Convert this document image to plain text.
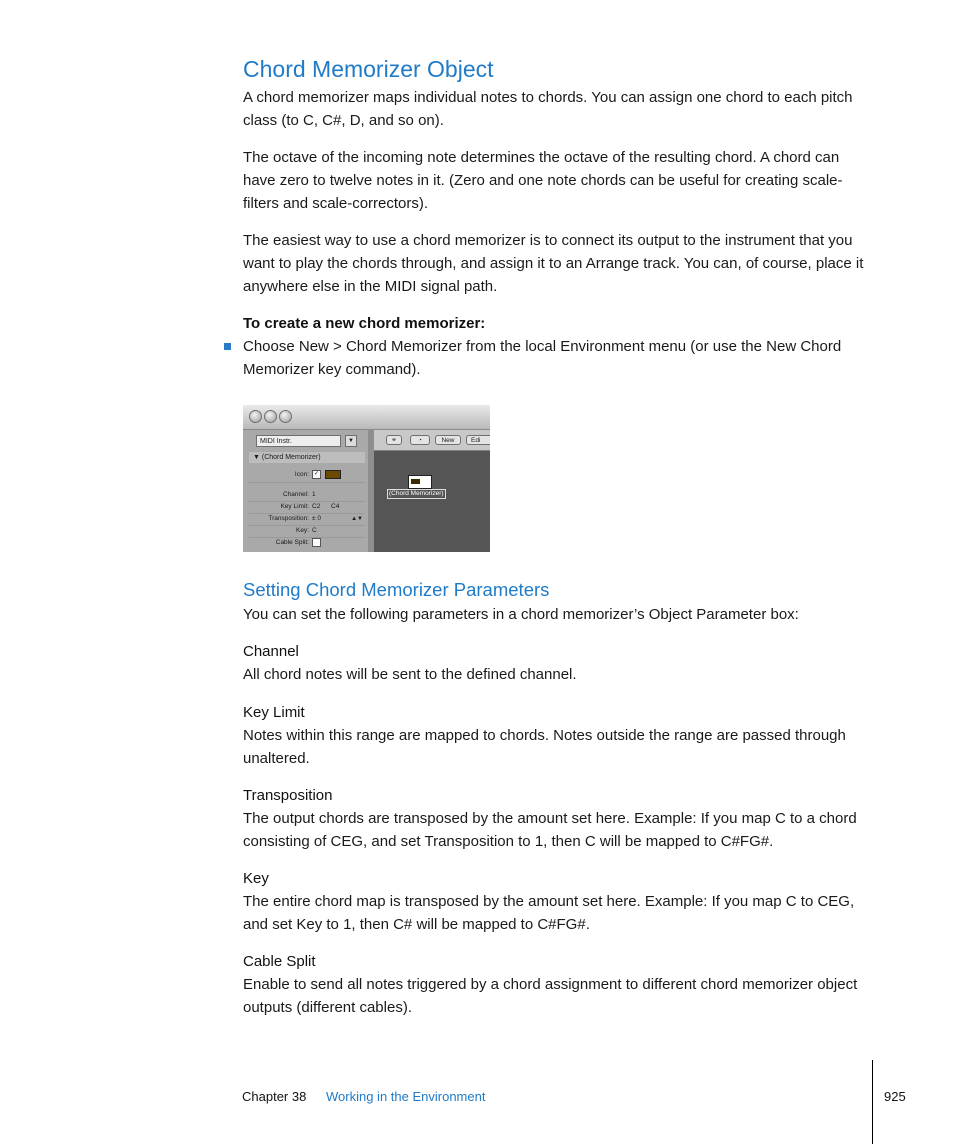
Chord Memorizer Object
A chord memorizer maps individual notes to chords. You can assign one chord to each pitch class (to C, C#, D, and so on).
The octave of the incoming note determines the octave of the resulting chord. A chord can have zero to twelve notes in it. (Zero and one note chords can be useful for creating scale-filters and scale-correctors).
The easiest way to use a chord memorizer is to connect its output to the instrument that you want to play the chords through, and assign it to an Arrange track. You can, of course, place it anywhere else in the MIDI signal path.
To create a new chord memorizer:
Choose New > Chord Memorizer from the local Environment menu (or use the New Chord Memorizer key command).
MIDI Instr.	▼
▼ (Chord Memorizer)
Icon: ✓
Channel: 1
Key Limit: C2 C4
Transposition: ± 0	▲▼
Key: C
Cable Split:
⚭	◔	New	Edi
(Chord Memorizer)
Setting Chord Memorizer Parameters
You can set the following parameters in a chord memorizer’s Object Parameter box:
Channel
All chord notes will be sent to the defined channel.
Key Limit
Notes within this range are mapped to chords. Notes outside the range are passed through unaltered.
Transposition
The output chords are transposed by the amount set here. Example: If you map C to a chord consisting of CEG, and set Transposition to 1, then C will be mapped to C#FG#.
Key
The entire chord map is transposed by the amount set here. Example: If you map C to CEG, and set Key to 1, then C# will be mapped to C#FG#.
Cable Split
Enable to send all notes triggered by a chord assignment to different chord memorizer object outputs (different cables).
Chapter 38 Working in the Environment	925
